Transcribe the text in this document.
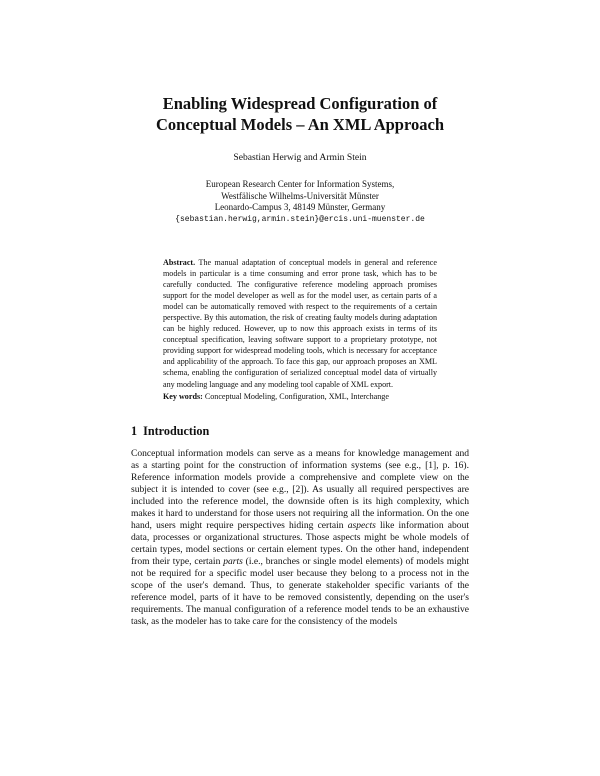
Enabling Widespread Configuration of
Conceptual Models – An XML Approach
Sebastian Herwig and Armin Stein
European Research Center for Information Systems,
Westfälische Wilhelms-Universität Münster
Leonardo-Campus 3, 48149 Münster, Germany
{sebastian.herwig,armin.stein}@ercis.uni-muenster.de
Abstract. The manual adaptation of conceptual models in general and reference models in particular is a time consuming and error prone task, which has to be carefully conducted. The configurative reference modeling approach promises support for the model developer as well as for the model user, as certain parts of a model can be automatically removed with respect to the requirements of a certain perspective. By this automation, the risk of creating faulty models during adaptation can be highly reduced. However, up to now this approach exists in terms of its conceptual specification, leaving software support to a proprietary prototype, not providing support for widespread modeling tools, which is necessary for acceptance and applicability of the approach. To face this gap, our approach proposes an XML schema, enabling the configuration of serialized conceptual model data of virtually any modeling language and any modeling tool capable of XML export.
Key words: Conceptual Modeling, Configuration, XML, Interchange
1 Introduction
Conceptual information models can serve as a means for knowledge management and as a starting point for the construction of information systems (see e.g., [1], p. 16). Reference information models provide a comprehensive and complete view on the subject it is intended to cover (see e.g., [2]). As usually all required perspectives are included into the reference model, the downside often is its high complexity, which makes it hard to understand for those users not requiring all the information. On the one hand, users might require perspectives hiding certain aspects like information about data, processes or organizational structures. Those aspects might be whole models of certain types, model sections or certain element types. On the other hand, independent from their type, certain parts (i.e., branches or single model elements) of models might not be required for a specific model user because they belong to a process not in the scope of the user's demand. Thus, to generate stakeholder specific variants of the reference model, parts of it have to be removed consistently, depending on the user's requirements. The manual configuration of a reference model tends to be an exhaustive task, as the modeler has to take care for the consistency of the models
